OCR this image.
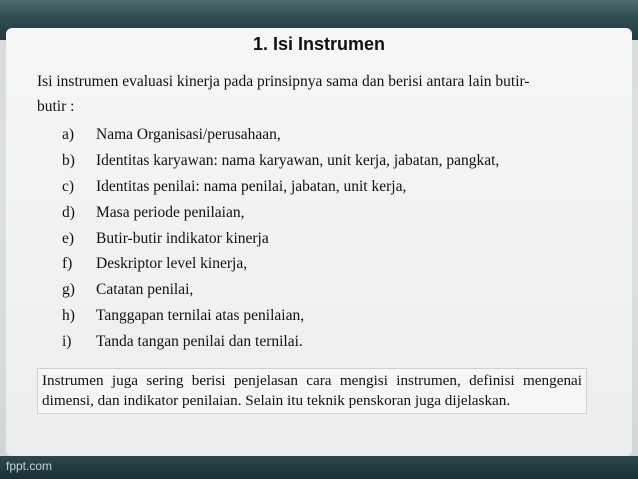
1. Isi Instrumen
Isi instrumen evaluasi kinerja pada prinsipnya sama dan berisi antara lain butir-butir :
a) Nama Organisasi/perusahaan,
b) Identitas karyawan: nama karyawan, unit kerja, jabatan, pangkat,
c) Identitas penilai: nama penilai, jabatan, unit kerja,
d) Masa periode penilaian,
e) Butir-butir indikator kinerja
f) Deskriptor level kinerja,
g) Catatan penilai,
h) Tanggapan ternilai atas penilaian,
i) Tanda tangan penilai dan ternilai.
Instrumen juga sering berisi penjelasan cara mengisi instrumen, definisi mengenai dimensi, dan indikator penilaian. Selain itu teknik penskoran juga dijelaskan.
fppt.com
